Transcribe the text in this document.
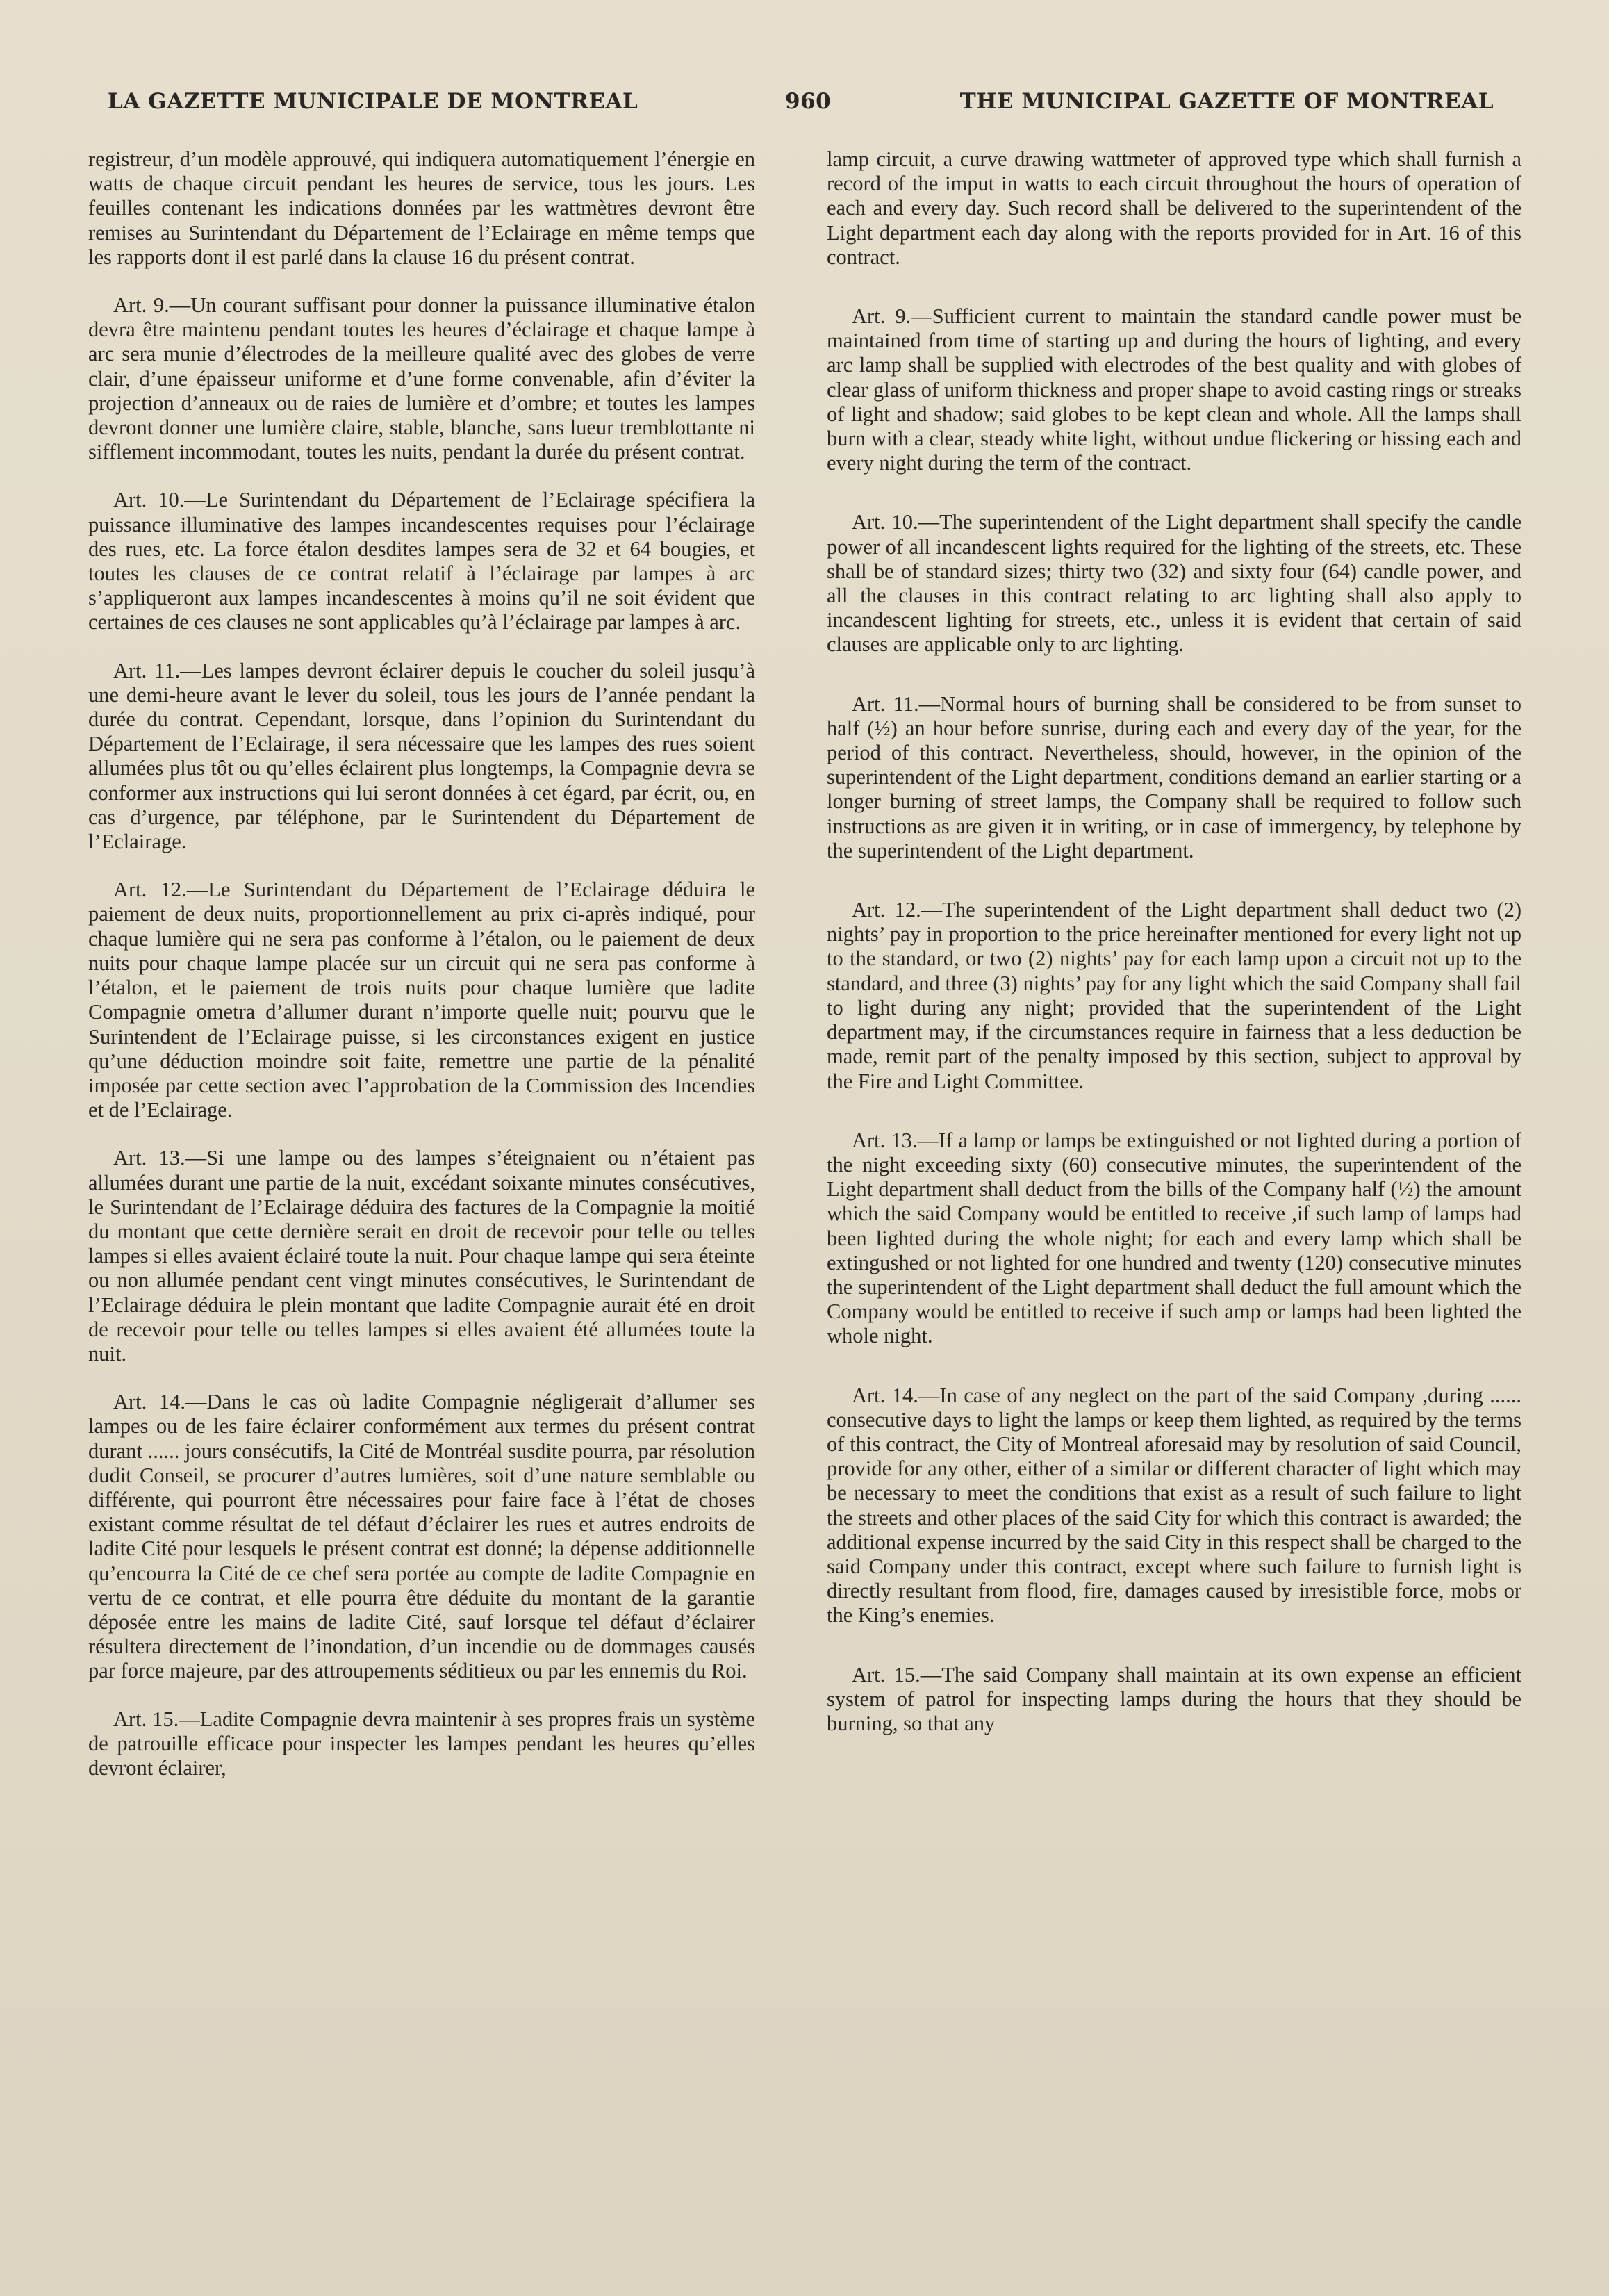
LA GAZETTE MUNICIPALE DE MONTREAL	960	THE MUNICIPAL GAZETTE OF MONTREAL

registreur, d’un modèle approuvé, qui indiquera automatiquement l’énergie en watts de chaque circuit pendant les heures de service, tous les jours. Les feuilles contenant les indications données par les wattmètres devront être remises au Surintendant du Département de l’Eclairage en même temps que les rapports dont il est parlé dans la clause 16 du présent contrat.

Art. 9.—Un courant suffisant pour donner la puissance illuminative étalon devra être maintenu pendant toutes les heures d’éclairage et chaque lampe à arc sera munie d’électrodes de la meilleure qualité avec des globes de verre clair, d’une épaisseur uniforme et d’une forme convenable, afin d’éviter la projection d’anneaux ou de raies de lumière et d’ombre; et toutes les lampes devront donner une lumière claire, stable, blanche, sans lueur tremblottante ni sifflement incommodant, toutes les nuits, pendant la durée du présent contrat.

Art. 10.—Le Surintendant du Département de l’Eclairage spécifiera la puissance illuminative des lampes incandescentes requises pour l’éclairage des rues, etc. La force étalon desdites lampes sera de 32 et 64 bougies, et toutes les clauses de ce contrat relatif à l’éclairage par lampes à arc s’appliqueront aux lampes incandescentes à moins qu’il ne soit évident que certaines de ces clauses ne sont applicables qu’à l’éclairage par lampes à arc.

Art. 11.—Les lampes devront éclairer depuis le coucher du soleil jusqu’à une demi-heure avant le lever du soleil, tous les jours de l’année pendant la durée du contrat. Cependant, lorsque, dans l’opinion du Surintendant du Département de l’Eclairage, il sera nécessaire que les lampes des rues soient allumées plus tôt ou qu’elles éclairent plus longtemps, la Compagnie devra se conformer aux instructions qui lui seront données à cet égard, par écrit, ou, en cas d’urgence, par téléphone, par le Surintendent du Département de l’Eclairage.

Art. 12.—Le Surintendant du Département de l’Eclairage déduira le paiement de deux nuits, proportionnellement au prix ci-après indiqué, pour chaque lumière qui ne sera pas conforme à l’étalon, ou le paiement de deux nuits pour chaque lampe placée sur un circuit qui ne sera pas conforme à l’étalon, et le paiement de trois nuits pour chaque lumière que ladite Compagnie ometra d’allumer durant n’importe quelle nuit; pourvu que le Surintendent de l’Eclairage puisse, si les circonstances exigent en justice qu’une déduction moindre soit faite, remettre une partie de la pénalité imposée par cette section avec l’approbation de la Commission des Incendies et de l’Eclairage.

Art. 13.—Si une lampe ou des lampes s’éteignaient ou n’étaient pas allumées durant une partie de la nuit, excédant soixante minutes consécutives, le Surintendant de l’Eclairage déduira des factures de la Compagnie la moitié du montant que cette dernière serait en droit de recevoir pour telle ou telles lampes si elles avaient éclairé toute la nuit. Pour chaque lampe qui sera éteinte ou non allumée pendant cent vingt minutes consécutives, le Surintendant de l’Eclairage déduira le plein montant que ladite Compagnie aurait été en droit de recevoir pour telle ou telles lampes si elles avaient été allumées toute la nuit.

Art. 14.—Dans le cas où ladite Compagnie négligerait d’allumer ses lampes ou de les faire éclairer conformément aux termes du présent contrat durant ...... jours consécutifs, la Cité de Montréal susdite pourra, par résolution dudit Conseil, se procurer d’autres lumières, soit d’une nature semblable ou différente, qui pourront être nécessaires pour faire face à l’état de choses existant comme résultat de tel défaut d’éclairer les rues et autres endroits de ladite Cité pour lesquels le présent contrat est donné; la dépense additionnelle qu’encourra la Cité de ce chef sera portée au compte de ladite Compagnie en vertu de ce contrat, et elle pourra être déduite du montant de la garantie déposée entre les mains de ladite Cité, sauf lorsque tel défaut d’éclairer résultera directement de l’inondation, d’un incendie ou de dommages causés par force majeure, par des attroupements séditieux ou par les ennemis du Roi.

Art. 15.—Ladite Compagnie devra maintenir à ses propres frais un système de patrouille efficace pour inspecter les lampes pendant les heures qu’elles devront éclairer,

lamp circuit, a curve drawing wattmeter of approved type which shall furnish a record of the imput in watts to each circuit throughout the hours of operation of each and every day. Such record shall be delivered to the superintendent of the Light department each day along with the reports provided for in Art. 16 of this contract.

Art. 9.—Sufficient current to maintain the standard candle power must be maintained from time of starting up and during the hours of lighting, and every arc lamp shall be supplied with electrodes of the best quality and with globes of clear glass of uniform thickness and proper shape to avoid casting rings or streaks of light and shadow; said globes to be kept clean and whole. All the lamps shall burn with a clear, steady white light, without undue flickering or hissing each and every night during the term of the contract.

Art. 10.—The superintendent of the Light department shall specify the candle power of all incandescent lights required for the lighting of the streets, etc. These shall be of standard sizes; thirty two (32) and sixty four (64) candle power, and all the clauses in this contract relating to arc lighting shall also apply to incandescent lighting for streets, etc., unless it is evident that certain of said clauses are applicable only to arc lighting.

Art. 11.—Normal hours of burning shall be considered to be from sunset to half (½) an hour before sunrise, during each and every day of the year, for the period of this contract. Nevertheless, should, however, in the opinion of the superintendent of the Light department, conditions demand an earlier starting or a longer burning of street lamps, the Company shall be required to follow such instructions as are given it in writing, or in case of immergency, by telephone by the superintendent of the Light department.

Art. 12.—The superintendent of the Light department shall deduct two (2) nights’ pay in proportion to the price hereinafter mentioned for every light not up to the standard, or two (2) nights’ pay for each lamp upon a circuit not up to the standard, and three (3) nights’ pay for any light which the said Company shall fail to light during any night; provided that the superintendent of the Light department may, if the circumstances require in fairness that a less deduction be made, remit part of the penalty imposed by this section, subject to approval by the Fire and Light Committee.

Art. 13.—If a lamp or lamps be extinguished or not lighted during a portion of the night exceeding sixty (60) consecutive minutes, the superintendent of the Light department shall deduct from the bills of the Company half (½) the amount which the said Company would be entitled to receive ,if such lamp of lamps had been lighted during the whole night; for each and every lamp which shall be extingushed or not lighted for one hundred and twenty (120) consecutive minutes the superintendent of the Light department shall deduct the full amount which the Company would be entitled to receive if such amp or lamps had been lighted the whole night.

Art. 14.—In case of any neglect on the part of the said Company ,during ...... consecutive days to light the lamps or keep them lighted, as required by the terms of this contract, the City of Montreal aforesaid may by resolution of said Council, provide for any other, either of a similar or different character of light which may be necessary to meet the conditions that exist as a result of such failure to light the streets and other places of the said City for which this contract is awarded; the additional expense incurred by the said City in this respect shall be charged to the said Company under this contract, except where such failure to furnish light is directly resultant from flood, fire, damages caused by irresistible force, mobs or the King’s enemies.

Art. 15.—The said Company shall maintain at its own expense an efficient system of patrol for inspecting lamps during the hours that they should be burning, so that any
